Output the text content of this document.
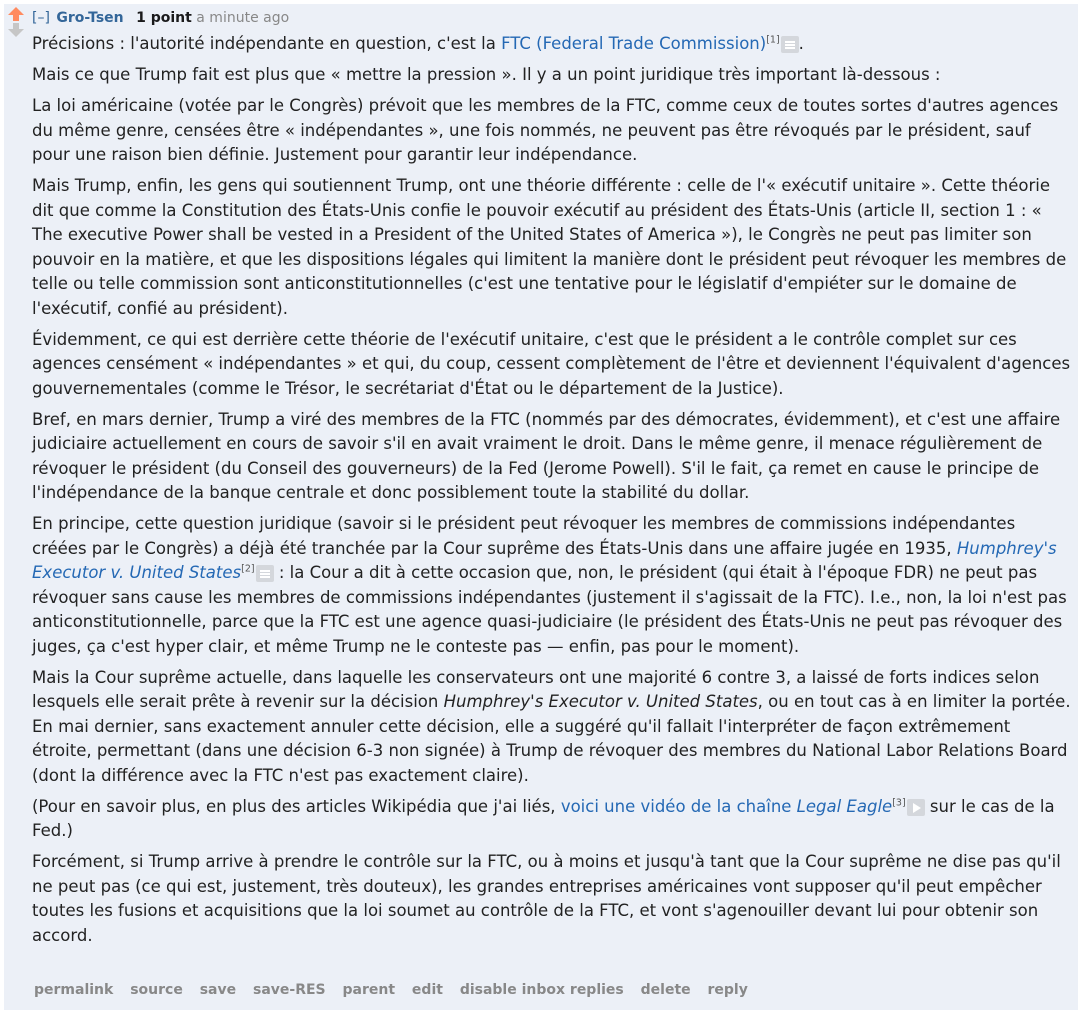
[–] Gro-Tsen 1 point a minute ago

Précisions : l'autorité indépendante en question, c'est la FTC (Federal Trade Commission)[1] .

Mais ce que Trump fait est plus que « mettre la pression ». Il y a un point juridique très important là-dessous :

La loi américaine (votée par le Congrès) prévoit que les membres de la FTC, comme ceux de toutes sortes d'autres agences du même genre, censées être « indépendantes », une fois nommés, ne peuvent pas être révoqués par le président, sauf pour une raison bien définie. Justement pour garantir leur indépendance.

Mais Trump, enfin, les gens qui soutiennent Trump, ont une théorie différente : celle de l'« exécutif unitaire ». Cette théorie dit que comme la Constitution des États-Unis confie le pouvoir exécutif au président des États-Unis (article II, section 1 : « The executive Power shall be vested in a President of the United States of America »), le Congrès ne peut pas limiter son pouvoir en la matière, et que les dispositions légales qui limitent la manière dont le président peut révoquer les membres de telle ou telle commission sont anticonstitutionnelles (c'est une tentative pour le législatif d'empiéter sur le domaine de l'exécutif, confié au président).

Évidemment, ce qui est derrière cette théorie de l'exécutif unitaire, c'est que le président a le contrôle complet sur ces agences censément « indépendantes » et qui, du coup, cessent complètement de l'être et deviennent l'équivalent d'agences gouvernementales (comme le Trésor, le secrétariat d'État ou le département de la Justice).

Bref, en mars dernier, Trump a viré des membres de la FTC (nommés par des démocrates, évidemment), et c'est une affaire judiciaire actuellement en cours de savoir s'il en avait vraiment le droit. Dans le même genre, il menace régulièrement de révoquer le président (du Conseil des gouverneurs) de la Fed (Jerome Powell). S'il le fait, ça remet en cause le principe de l'indépendance de la banque centrale et donc possiblement toute la stabilité du dollar.

En principe, cette question juridique (savoir si le président peut révoquer les membres de commissions indépendantes créées par le Congrès) a déjà été tranchée par la Cour suprême des États-Unis dans une affaire jugée en 1935, Humphrey's Executor v. United States[2] : la Cour a dit à cette occasion que, non, le président (qui était à l'époque FDR) ne peut pas révoquer sans cause les membres de commissions indépendantes (justement il s'agissait de la FTC). I.e., non, la loi n'est pas anticonstitutionnelle, parce que la FTC est une agence quasi-judiciaire (le président des États-Unis ne peut pas révoquer des juges, ça c'est hyper clair, et même Trump ne le conteste pas — enfin, pas pour le moment).

Mais la Cour suprême actuelle, dans laquelle les conservateurs ont une majorité 6 contre 3, a laissé de forts indices selon lesquels elle serait prête à revenir sur la décision Humphrey's Executor v. United States, ou en tout cas à en limiter la portée. En mai dernier, sans exactement annuler cette décision, elle a suggéré qu'il fallait l'interpréter de façon extrêmement étroite, permettant (dans une décision 6-3 non signée) à Trump de révoquer des membres du National Labor Relations Board (dont la différence avec la FTC n'est pas exactement claire).

(Pour en savoir plus, en plus des articles Wikipédia que j'ai liés, voici une vidéo de la chaîne Legal Eagle[3] sur le cas de la Fed.)

Forcément, si Trump arrive à prendre le contrôle sur la FTC, ou à moins et jusqu'à tant que la Cour suprême ne dise pas qu'il ne peut pas (ce qui est, justement, très douteux), les grandes entreprises américaines vont supposer qu'il peut empêcher toutes les fusions et acquisitions que la loi soumet au contrôle de la FTC, et vont s'agenouiller devant lui pour obtenir son accord.

permalink source save save-RES parent edit disable inbox replies delete reply
